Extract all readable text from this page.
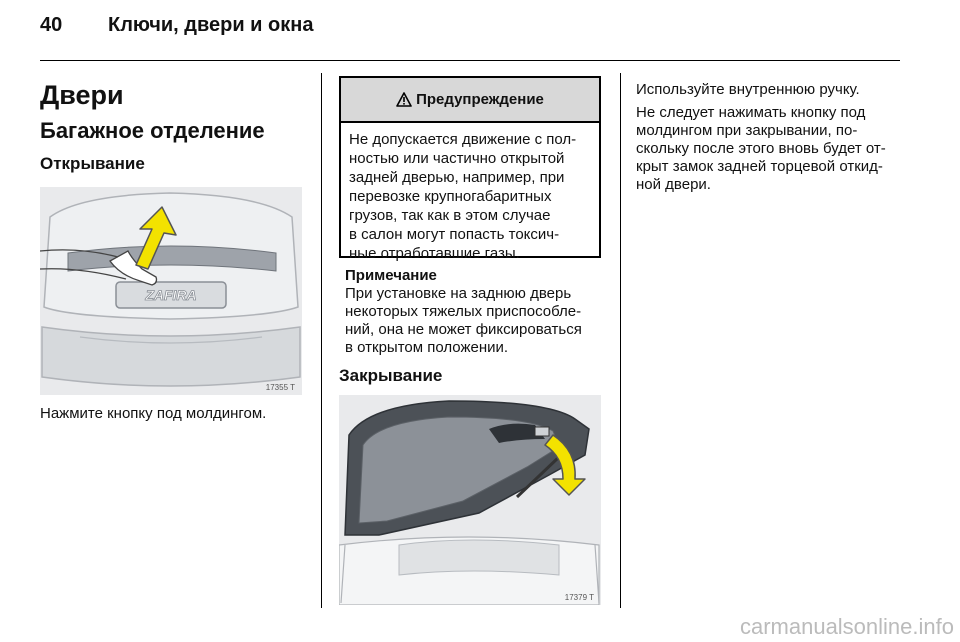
40	Ключи, двери и окна
Двери
Багажное отделение
Открывание
ZAFIRA
17355 T

Нажмите кнопку под молдингом.

Предупреждение
Не допускается движение с пол-
ностью или частично открытой
задней дверью, например, при
перевозке крупногабаритных
грузов, так как в этом случае
в салон могут попасть токсич-
ные отработавшие газы.
Примечание
При установке на заднюю дверь
некоторых тяжелых приспособле-
ний, она не может фиксироваться
в открытом положении.
Закрывание
17379 T

Используйте внутреннюю ручку.

Не следует нажимать кнопку под
молдингом при закрывании, по-
скольку после этого вновь будет от-
крыт замок задней торцевой откид-
ной двери.
carmanualsonline.info
